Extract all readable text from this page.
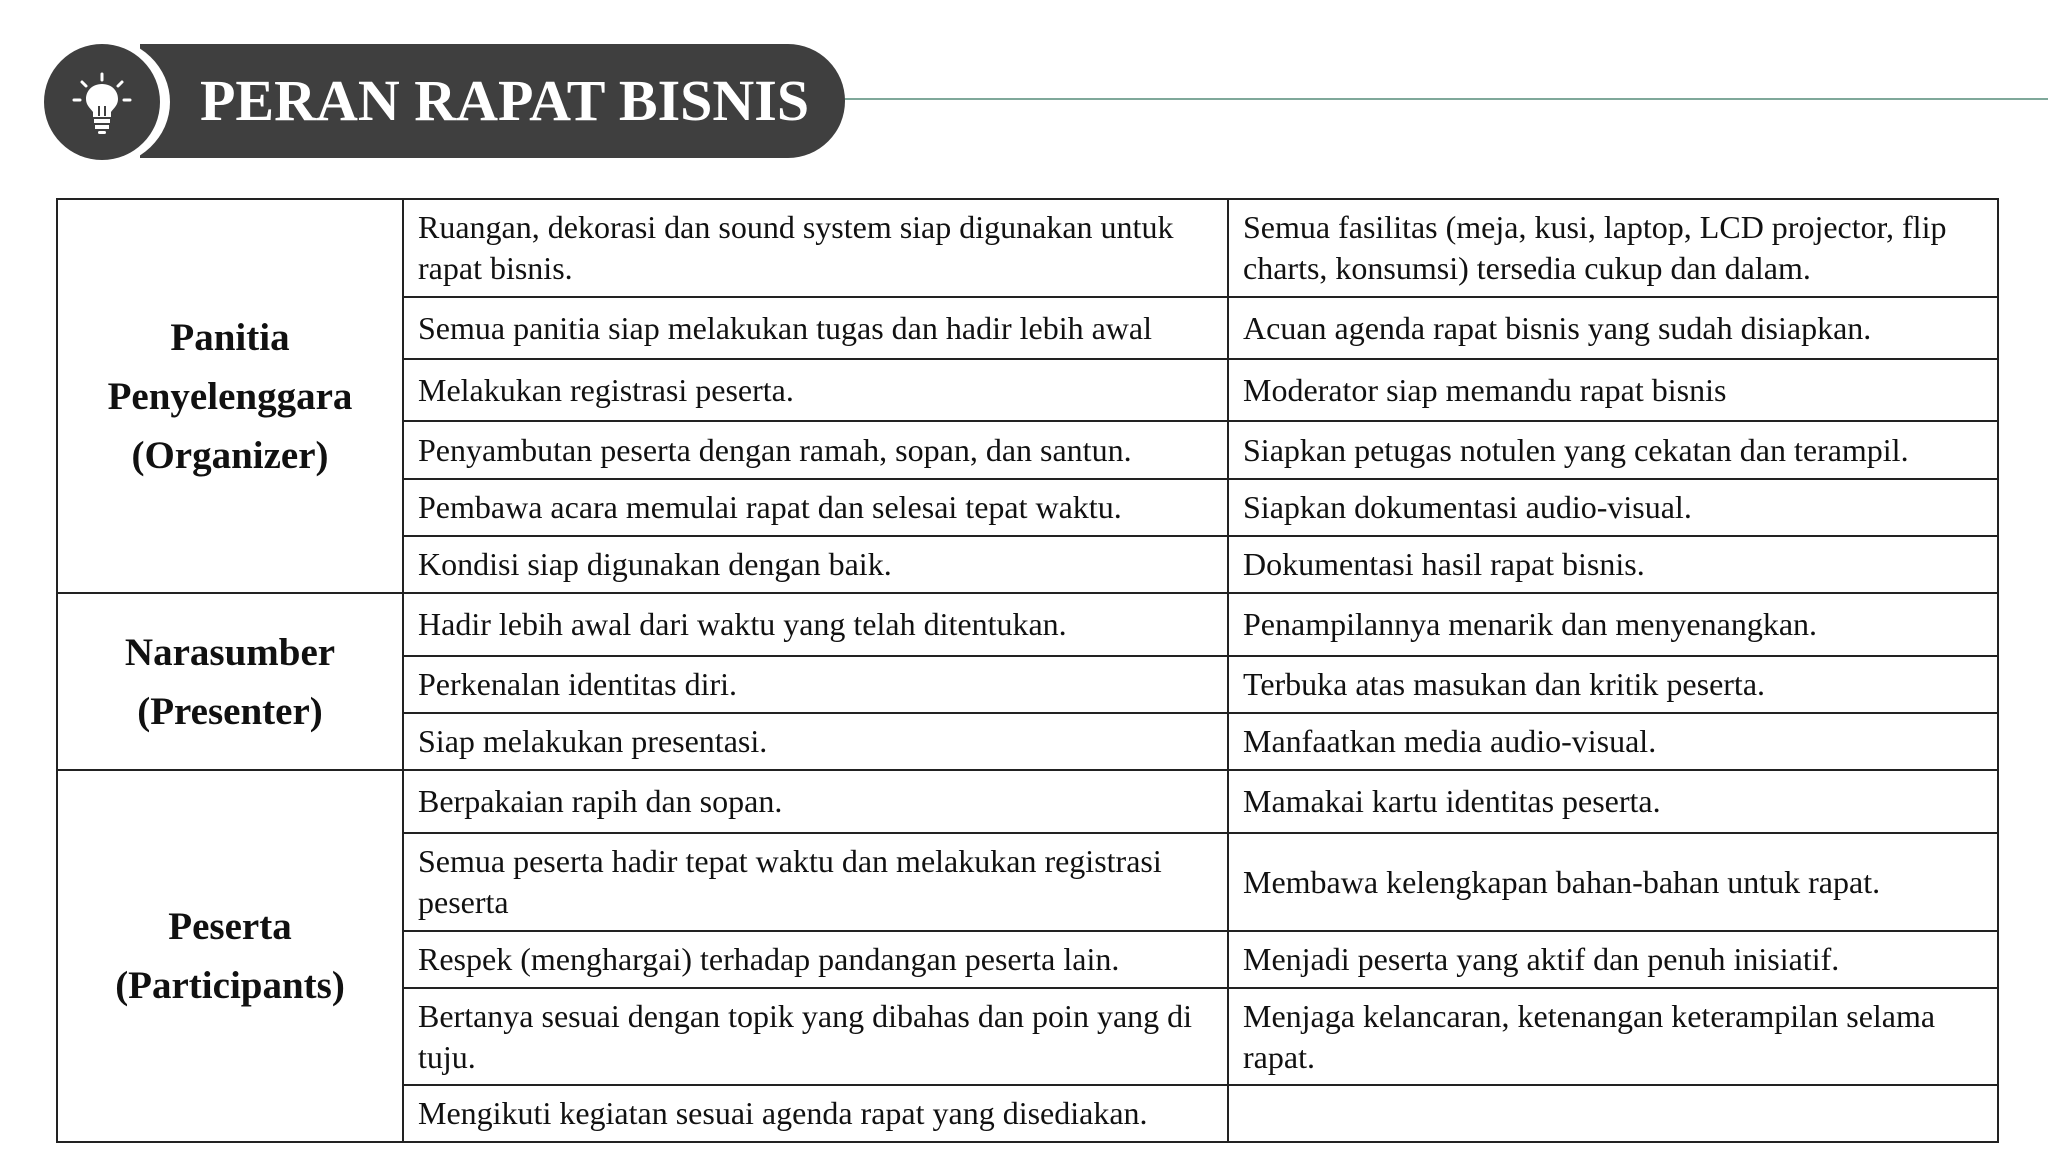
PERAN RAPAT BISNIS
Panitia
Penyelenggara
(Organizer)	Ruangan, dekorasi dan sound system siap digunakan untuk rapat bisnis.	Semua fasilitas (meja, kusi, laptop, LCD projector, flip charts, konsumsi) tersedia cukup dan dalam.
	Semua panitia siap melakukan tugas dan hadir lebih awal	Acuan agenda rapat bisnis yang sudah disiapkan.
	Melakukan registrasi peserta.	Moderator siap memandu rapat bisnis
	Penyambutan peserta dengan ramah, sopan, dan santun.	Siapkan petugas notulen yang cekatan dan terampil.
	Pembawa acara memulai rapat dan selesai tepat waktu.	Siapkan dokumentasi audio-visual.
	Kondisi siap digunakan dengan baik.	Dokumentasi hasil rapat bisnis.

Narasumber
(Presenter)	Hadir lebih awal dari waktu yang telah ditentukan.	Penampilannya menarik dan menyenangkan.
	Perkenalan identitas diri.	Terbuka atas masukan dan kritik peserta.
	Siap melakukan presentasi.	Manfaatkan media audio-visual.

Peserta
(Participants)	Berpakaian rapih dan sopan.	Mamakai kartu identitas peserta.
	Semua peserta hadir tepat waktu dan melakukan registrasi peserta	Membawa kelengkapan bahan-bahan untuk rapat.
	Respek (menghargai) terhadap pandangan peserta lain.	Menjadi peserta yang aktif dan penuh inisiatif.
	Bertanya sesuai dengan topik yang dibahas dan poin yang di tuju.	Menjaga kelancaran, ketenangan keterampilan selama rapat.
	Mengikuti kegiatan sesuai agenda rapat yang disediakan.	
